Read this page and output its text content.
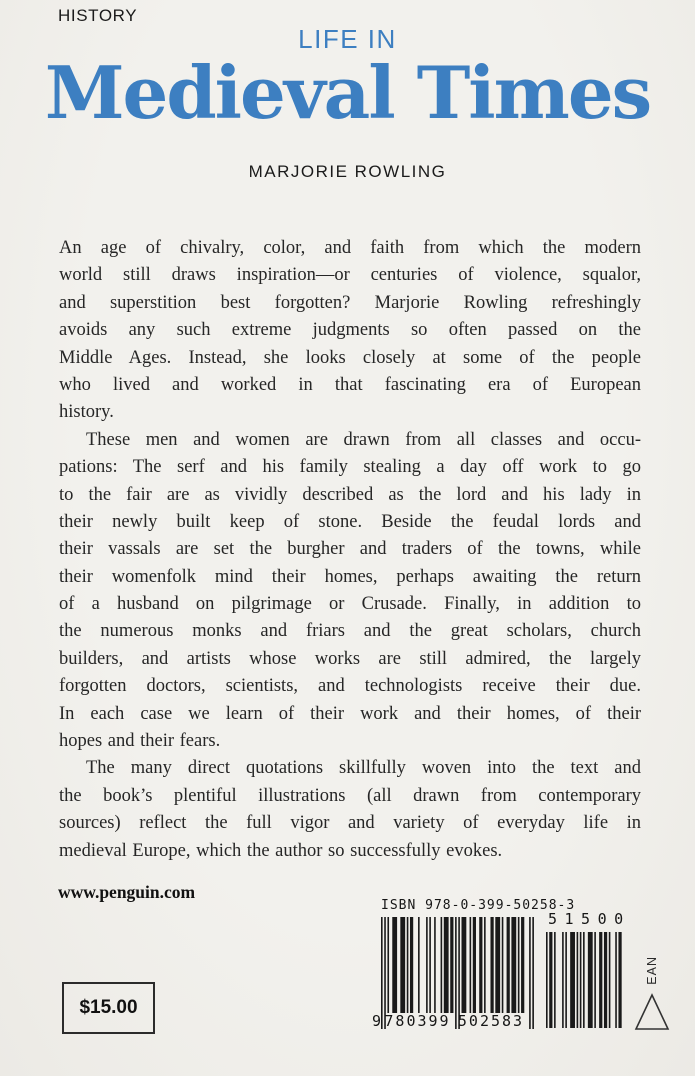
HISTORY
LIFE IN
Medieval Times
MARJORIE ROWLING
An age of chivalry, color, and faith from which the modern
world still draws inspiration—or centuries of violence, squalor,
and superstition best forgotten? Marjorie Rowling refreshingly
avoids any such extreme judgments so often passed on the
Middle Ages. Instead, she looks closely at some of the people
who lived and worked in that fascinating era of European
history.
These men and women are drawn from all classes and occu-
pations: The serf and his family stealing a day off work to go
to the fair are as vividly described as the lord and his lady in
their newly built keep of stone. Beside the feudal lords and
their vassals are set the burgher and traders of the towns, while
their womenfolk mind their homes, perhaps awaiting the return
of a husband on pilgrimage or Crusade. Finally, in addition to
the numerous monks and friars and the great scholars, church
builders, and artists whose works are still admired, the largely
forgotten doctors, scientists, and technologists receive their due.
In each case we learn of their work and their homes, of their
hopes and their fears.
The many direct quotations skillfully woven into the text and
the book’s plentiful illustrations (all drawn from contemporary
sources) reflect the full vigor and variety of everyday life in
medieval Europe, which the author so successfully evokes.
www.penguin.com
$15.00
ISBN 978-0-399-50258-3
9 780399 502583
51500
EAN
